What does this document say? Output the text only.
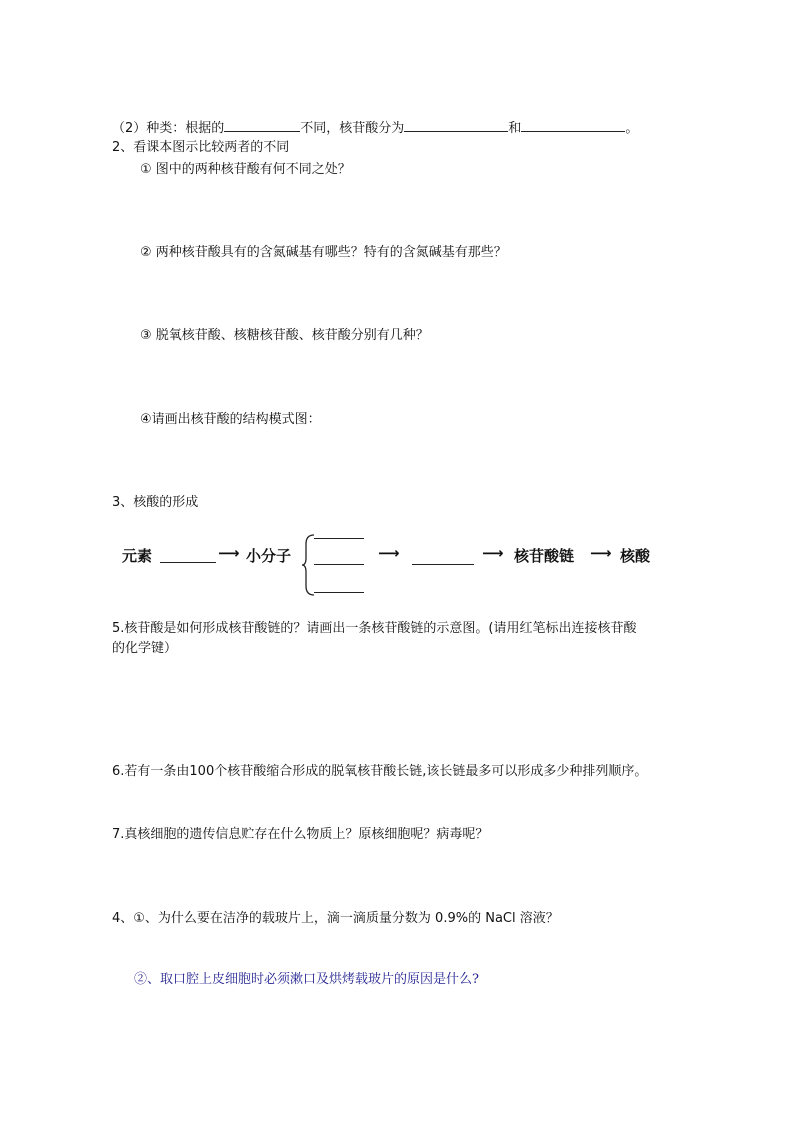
（2）种类：根据的	不同，核苷酸分为	和	。
2、看课本图示比较两者的不同
① 图中的两种核苷酸有何不同之处？
② 两种核苷酸具有的含氮碱基有哪些？特有的含氮碱基有那些？
③ 脱氧核苷酸、核糖核苷酸、核苷酸分别有几种？
④请画出核苷酸的结构模式图：
3、核酸的形成
元素	⟶ 小分子	⟶	⟶ 核苷酸链 ⟶ 核酸
5.核苷酸是如何形成核苷酸链的？请画出一条核苷酸链的示意图。(请用红笔标出连接核苷酸
的化学键）
6.若有一条由100个核苷酸缩合形成的脱氧核苷酸长链,该长链最多可以形成多少种排列顺序。
7.真核细胞的遗传信息贮存在什么物质上？原核细胞呢？病毒呢？
4、①、为什么要在洁净的载玻片上，滴一滴质量分数为 0.9%的 NaCl 溶液？
②、取口腔上皮细胞时必须漱口及烘烤载玻片的原因是什么?
